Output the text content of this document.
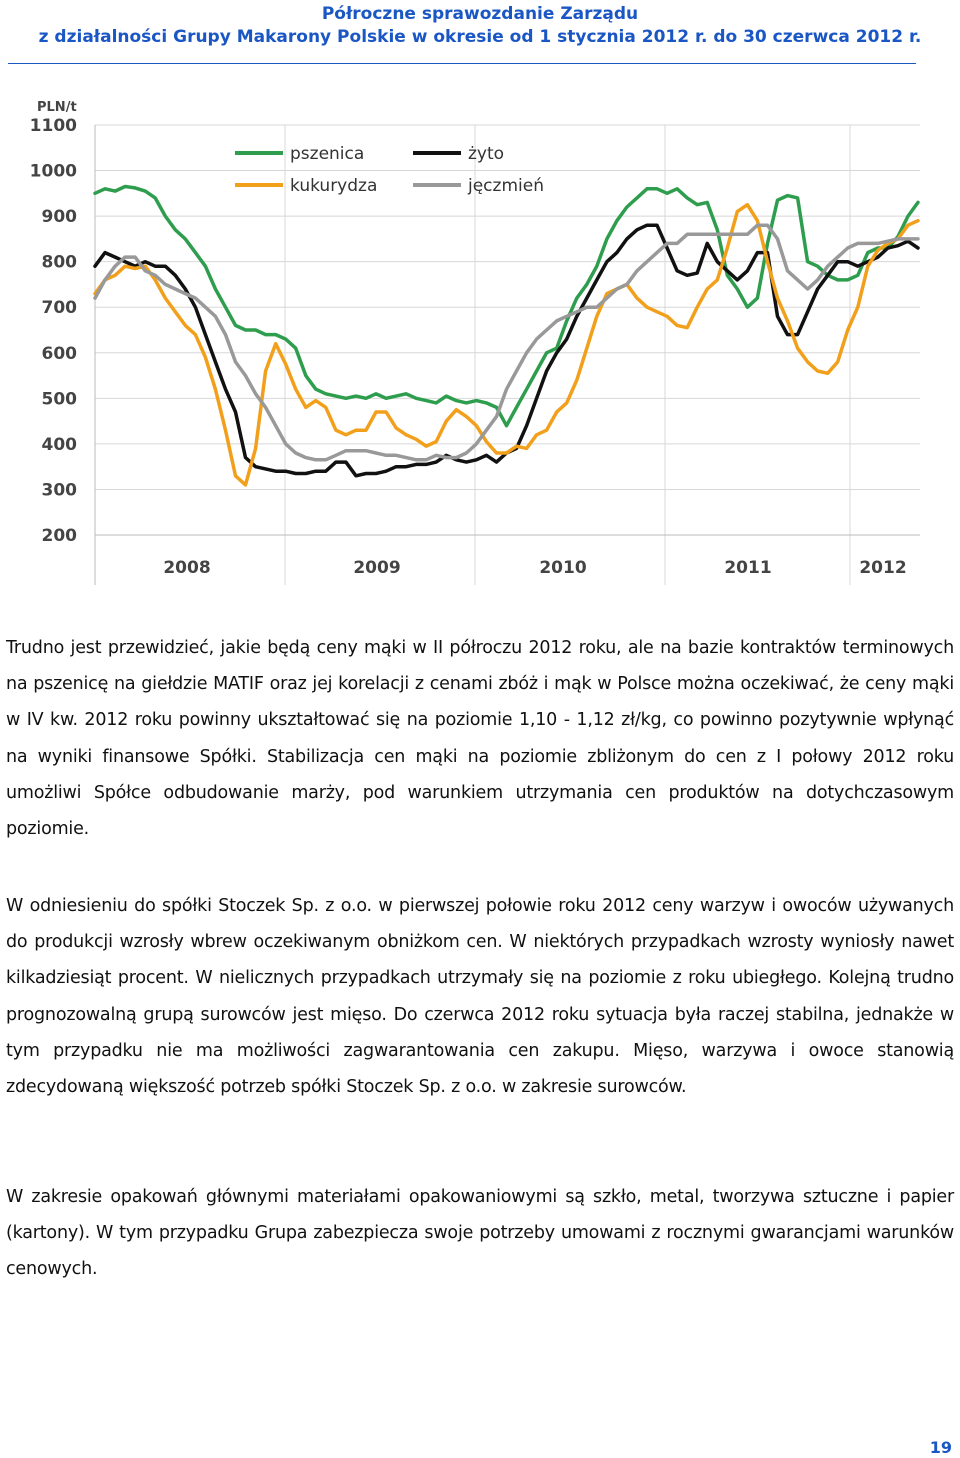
Półroczne sprawozdanie Zarządu
z działalności Grupy Makarony Polskie w okresie od 1 stycznia 2012 r. do 30 czerwca 2012 r.
1100
1000
900
800
700
600
500
400
300
200
PLN/t
2008	2009	2010	2011	2012
pszenica	żyto
kukurydza	jęczmień
Trudno jest przewidzieć, jakie będą ceny mąki w II półroczu 2012 roku, ale na bazie kontraktów terminowych na pszenicę na giełdzie MATIF oraz jej korelacji z cenami zbóż i mąk w Polsce można oczekiwać, że ceny mąki w IV kw. 2012 roku powinny ukształtować się na poziomie 1,10 - 1,12 zł/kg, co powinno pozytywnie wpłynąć na wyniki finansowe Spółki. Stabilizacja cen mąki na poziomie zbliżonym do cen z I połowy 2012 roku umożliwi Spółce odbudowanie marży, pod warunkiem utrzymania cen produktów na dotychczasowym poziomie.
W odniesieniu do spółki Stoczek Sp. z o.o. w pierwszej połowie roku 2012 ceny warzyw i owoców używanych do produkcji wzrosły wbrew oczekiwanym obniżkom cen. W niektórych przypadkach wzrosty wyniosły nawet kilkadziesiąt procent. W nielicznych przypadkach utrzymały się na poziomie z roku ubiegłego. Kolejną trudno prognozowalną grupą surowców jest mięso. Do czerwca 2012 roku sytuacja była raczej stabilna, jednakże w tym przypadku nie ma możliwości zagwarantowania cen zakupu. Mięso, warzywa i owoce stanowią zdecydowaną większość potrzeb spółki Stoczek Sp. z o.o. w zakresie surowców.
W zakresie opakowań głównymi materiałami opakowaniowymi są szkło, metal, tworzywa sztuczne i papier (kartony). W tym przypadku Grupa zabezpiecza swoje potrzeby umowami z rocznymi gwarancjami warunków cenowych.
19
